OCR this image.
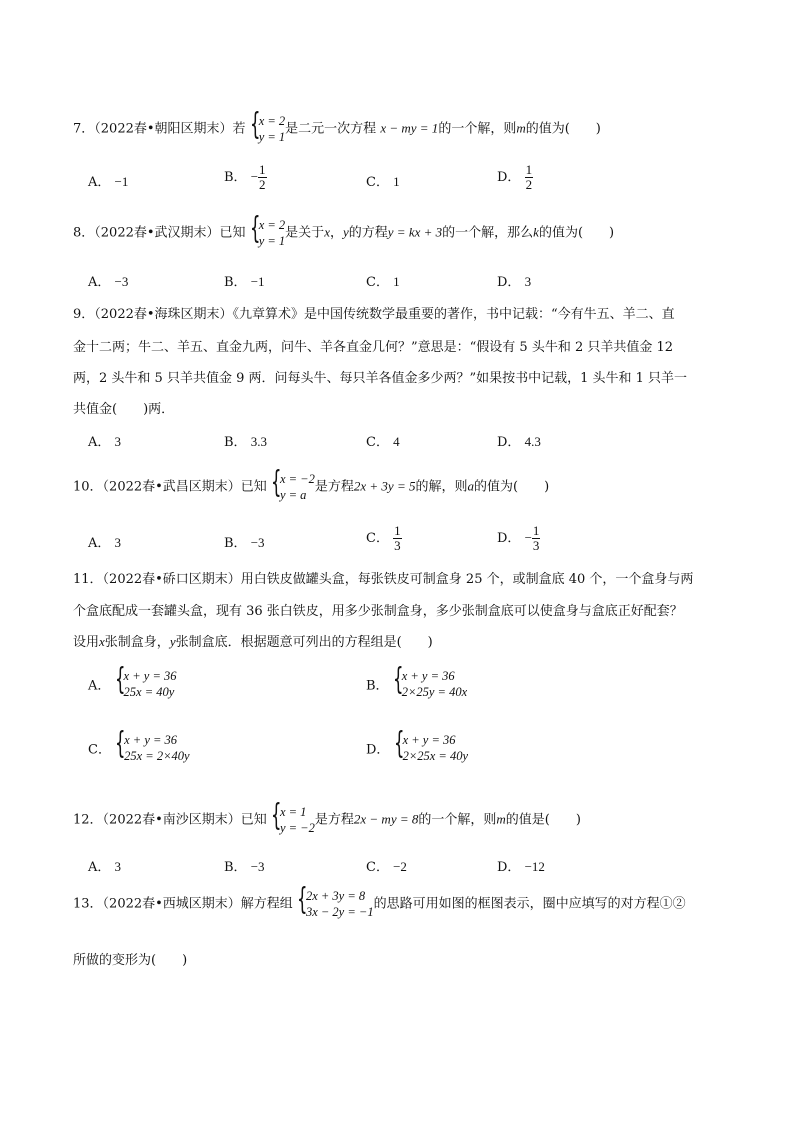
7．（2022春•朝阳区期末）若 {
x = 2
y = 1
是二元一次方程 x − my = 1的一个解，则m的值为(　　)
A． −1	B． − $\frac{1}{2}$	C． 1	D． $\frac{1}{2}$
8．（2022春•武汉期末）已知 {
x = 2
y = 1
是关于x，y的方程y = kx + 3的一个解，那么k的值为(　　)
A． −3	B． −1	C． 1	D． 3
9．（2022春•海珠区期末）《九章算术》是中国传统数学最重要的著作，书中记载：“今有牛五、羊二、直
金十二两；牛二、羊五、直金九两，问牛、羊各直金几何？”意思是：“假设有 5 头牛和 2 只羊共值金 12
两，2 头牛和 5 只羊共值金 9 两．问每头牛、每只羊各值金多少两？”如果按书中记载，1 头牛和 1 只羊一
共值金(　　)两．
A． 3	B． 3.3	C． 4	D． 4.3
10．（2022春•武昌区期末）已知 {
x = −2
y = a
是方程2x + 3y = 5的解，则a的值为(　　)
A． 3	B． −3	C． $\frac{1}{3}$	D． − $\frac{1}{3}$
11．（2022春•硚口区期末）用白铁皮做罐头盒，每张铁皮可制盒身 25 个，或制盒底 40 个，一个盒身与两
个盒底配成一套罐头盒，现有 36 张白铁皮，用多少张制盒身，多少张制盒底可以使盒身与盒底正好配套？
设用x张制盒身，y张制盒底．根据题意可列出的方程组是(　　)
A． {
x + y = 36
25x = 40y	B． {
x + y = 36
2×25y = 40x
C． {
x + y = 36
25x = 2×40y	D． {
x + y = 36
2×25x = 40y
12．（2022春•南沙区期末）已知 {
x = 1
y = −2
是方程2x − my = 8的一个解，则m的值是(　　)
A． 3	B． −3	C． −2	D． −12
13．（2022春•西城区期末）解方程组 {
2x + 3y = 8
3x − 2y = −1
的思路可用如图的框图表示，圈中应填写的对方程①②
所做的变形为(　　)
